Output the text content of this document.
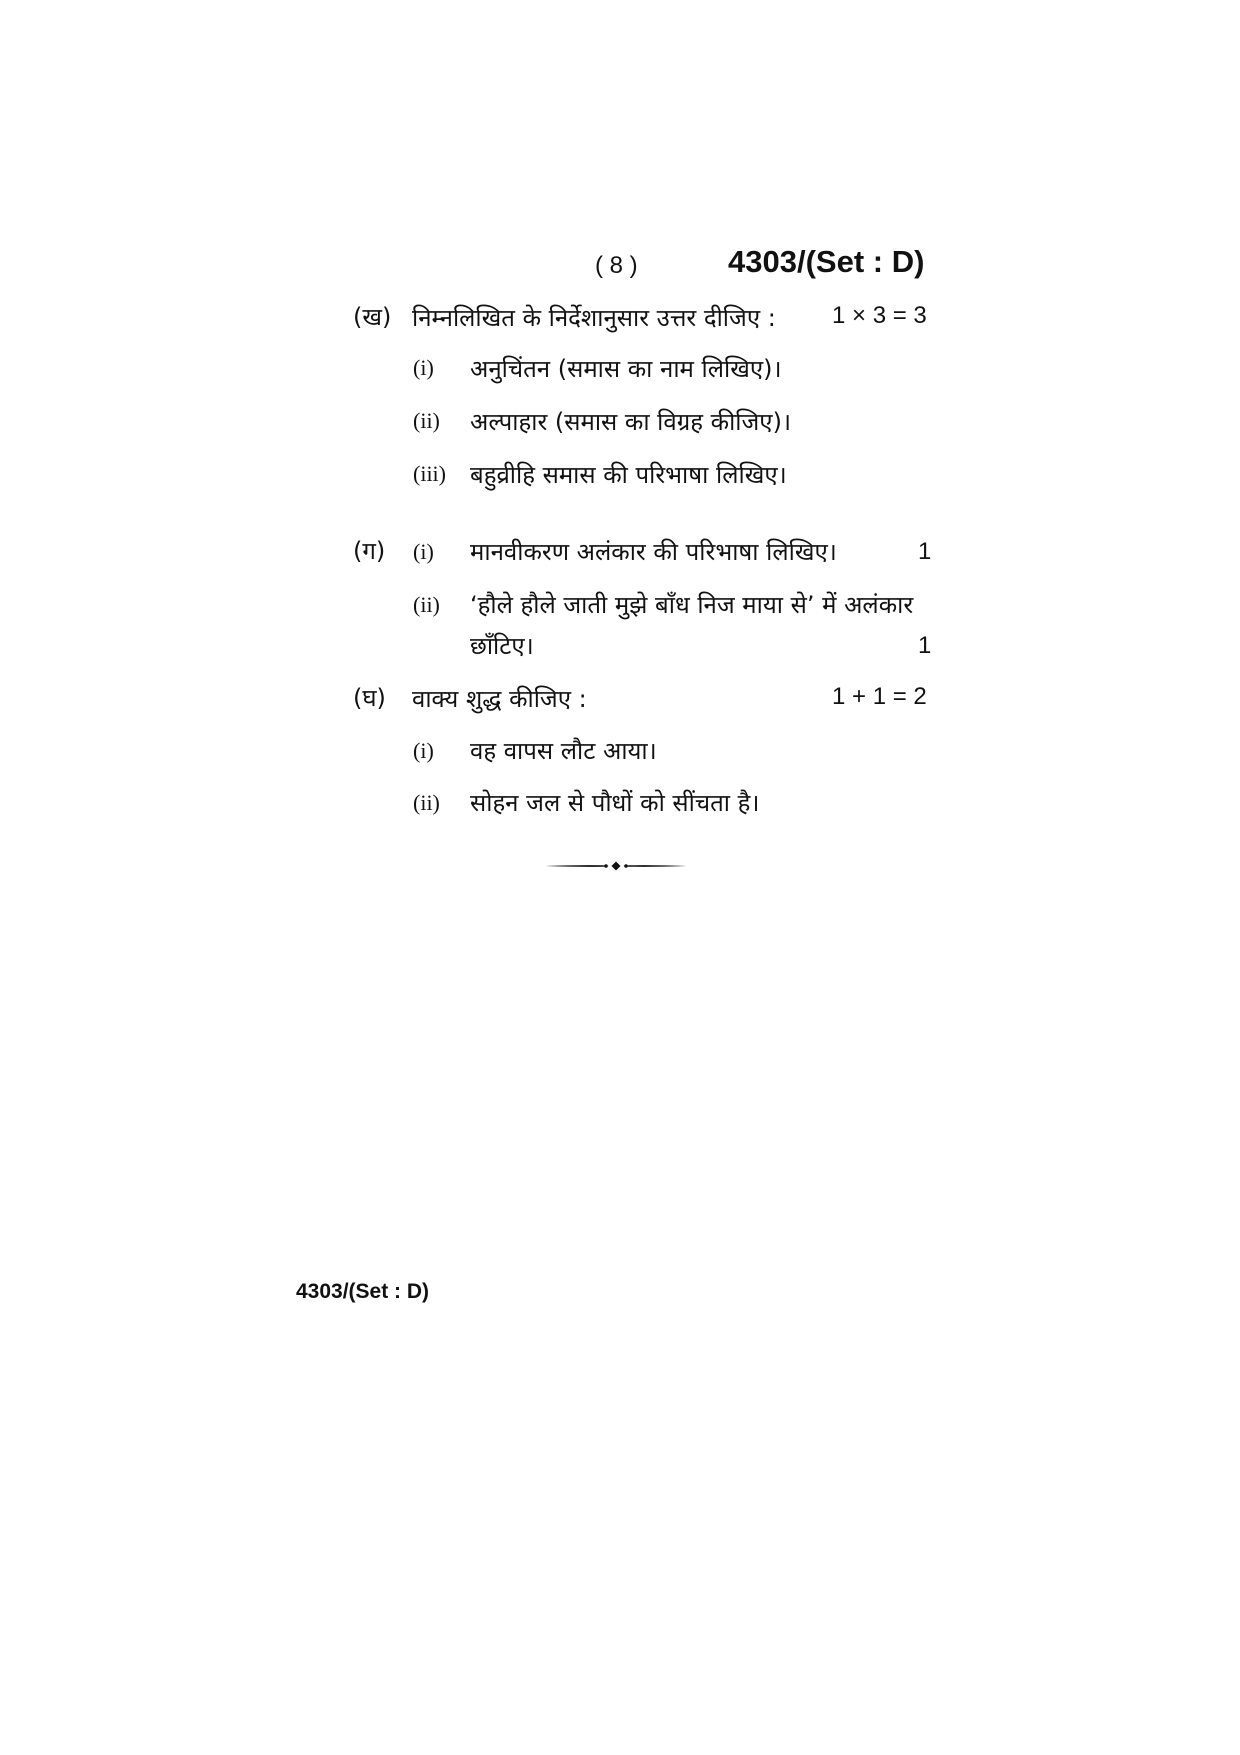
( 8 )	4303/(Set : D)
(ख) निम्नलिखित के निर्देशानुसार उत्तर दीजिए : 1 × 3 = 3
(i) अनुचिंतन (समास का नाम लिखिए)।
(ii) अल्पाहार (समास का विग्रह कीजिए)।
(iii) बहुव्रीहि समास की परिभाषा लिखिए।
(ग) (i) मानवीकरण अलंकार की परिभाषा लिखिए।	1
(ii) ‘हौले हौले जाती मुझे बाँध निज माया से’ में अलंकार
छाँटिए।	1
(घ) वाक्य शुद्ध कीजिए :	1 + 1 = 2
(i) वह वापस लौट आया।
(ii) सोहन जल से पौधों को सींचता है।
4303/(Set : D)
